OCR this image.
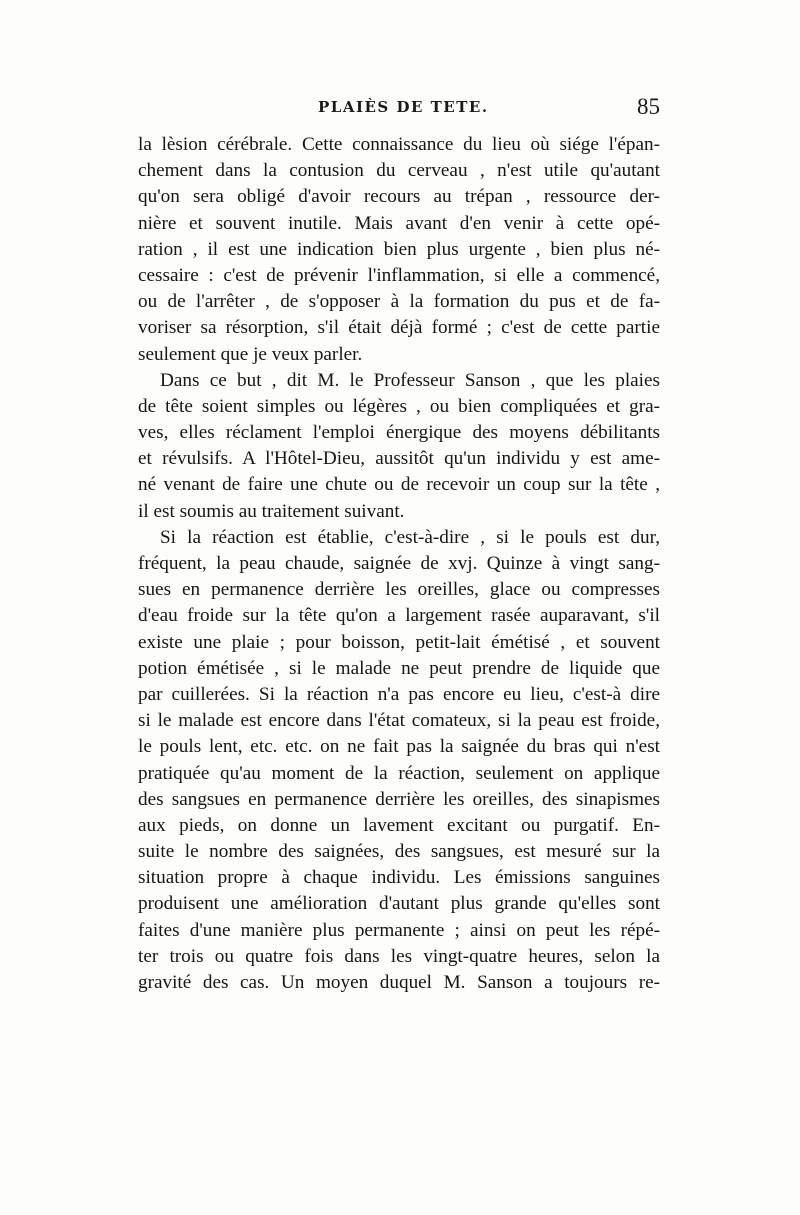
PLAIÈS DE TETE.	85
la lèsion cérébrale. Cette connaissance du lieu où siége l'épan-
chement dans la contusion du cerveau , n'est utile qu'autant
qu'on sera obligé d'avoir recours au trépan , ressource der-
nière et souvent inutile. Mais avant d'en venir à cette opé-
ration , il est une indication bien plus urgente , bien plus né-
cessaire : c'est de prévenir l'inflammation, si elle a commencé,
ou de l'arrêter , de s'opposer à la formation du pus et de fa-
voriser sa résorption, s'il était déjà formé ; c'est de cette partie
seulement que je veux parler.
Dans ce but , dit M. le Professeur Sanson , que les plaies
de tête soient simples ou légères , ou bien compliquées et gra-
ves, elles réclament l'emploi énergique des moyens débilitants
et révulsifs. A l'Hôtel-Dieu, aussitôt qu'un individu y est ame-
né venant de faire une chute ou de recevoir un coup sur la tête ,
il est soumis au traitement suivant.
Si la réaction est établie, c'est-à-dire , si le pouls est dur,
fréquent, la peau chaude, saignée de xvj. Quinze à vingt sang-
sues en permanence derrière les oreilles, glace ou compresses
d'eau froide sur la tête qu'on a largement rasée auparavant, s'il
existe une plaie ; pour boisson, petit-lait émétisé , et souvent
potion émétisée , si le malade ne peut prendre de liquide que
par cuillerées. Si la réaction n'a pas encore eu lieu, c'est-à dire
si le malade est encore dans l'état comateux, si la peau est froide,
le pouls lent, etc. etc. on ne fait pas la saignée du bras qui n'est
pratiquée qu'au moment de la réaction, seulement on applique
des sangsues en permanence derrière les oreilles, des sinapismes
aux pieds, on donne un lavement excitant ou purgatif. En-
suite le nombre des saignées, des sangsues, est mesuré sur la
situation propre à chaque individu. Les émissions sanguines
produisent une amélioration d'autant plus grande qu'elles sont
faites d'une manière plus permanente ; ainsi on peut les répé-
ter trois ou quatre fois dans les vingt-quatre heures, selon la
gravité des cas. Un moyen duquel M. Sanson a toujours re-
